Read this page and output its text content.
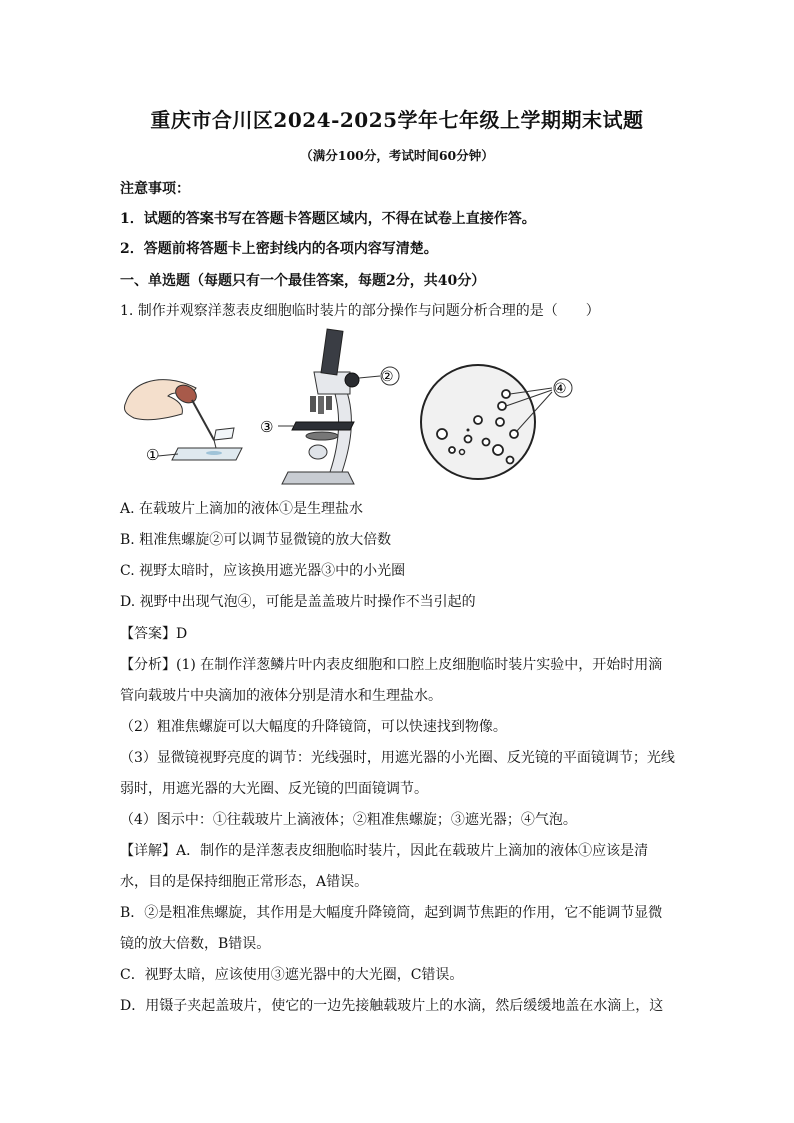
重庆市合川区2024-2025学年七年级上学期期末试题
（满分100分，考试时间60分钟）
注意事项：
1．试题的答案书写在答题卡答题区域内，不得在试卷上直接作答。
2．答题前将答题卡上密封线内的各项内容写清楚。
一、单选题（每题只有一个最佳答案，每题2分，共40分）
1. 制作并观察洋葱表皮细胞临时装片的部分操作与问题分析合理的是（　　）
①
②
③
④
A. 在载玻片上滴加的液体①是生理盐水
B. 粗准焦螺旋②可以调节显微镜的放大倍数
C. 视野太暗时，应该换用遮光器③中的小光圈
D. 视野中出现气泡④，可能是盖盖玻片时操作不当引起的
【答案】D
【分析】(1) 在制作洋葱鳞片叶内表皮细胞和口腔上皮细胞临时装片实验中，开始时用滴
管向载玻片中央滴加的液体分别是清水和生理盐水。
（2）粗准焦螺旋可以大幅度的升降镜筒，可以快速找到物像。
（3）显微镜视野亮度的调节：光线强时，用遮光器的小光圈、反光镜的平面镜调节；光线
弱时，用遮光器的大光圈、反光镜的凹面镜调节。
（4）图示中：①往载玻片上滴液体；②粗准焦螺旋；③遮光器；④气泡。
【详解】A．制作的是洋葱表皮细胞临时装片，因此在载玻片上滴加的液体①应该是清
水，目的是保持细胞正常形态，A错误。
B．②是粗准焦螺旋，其作用是大幅度升降镜筒，起到调节焦距的作用，它不能调节显微
镜的放大倍数，B错误。
C．视野太暗，应该使用③遮光器中的大光圈，C错误。
D．用镊子夹起盖玻片，使它的一边先接触载玻片上的水滴，然后缓缓地盖在水滴上，这
